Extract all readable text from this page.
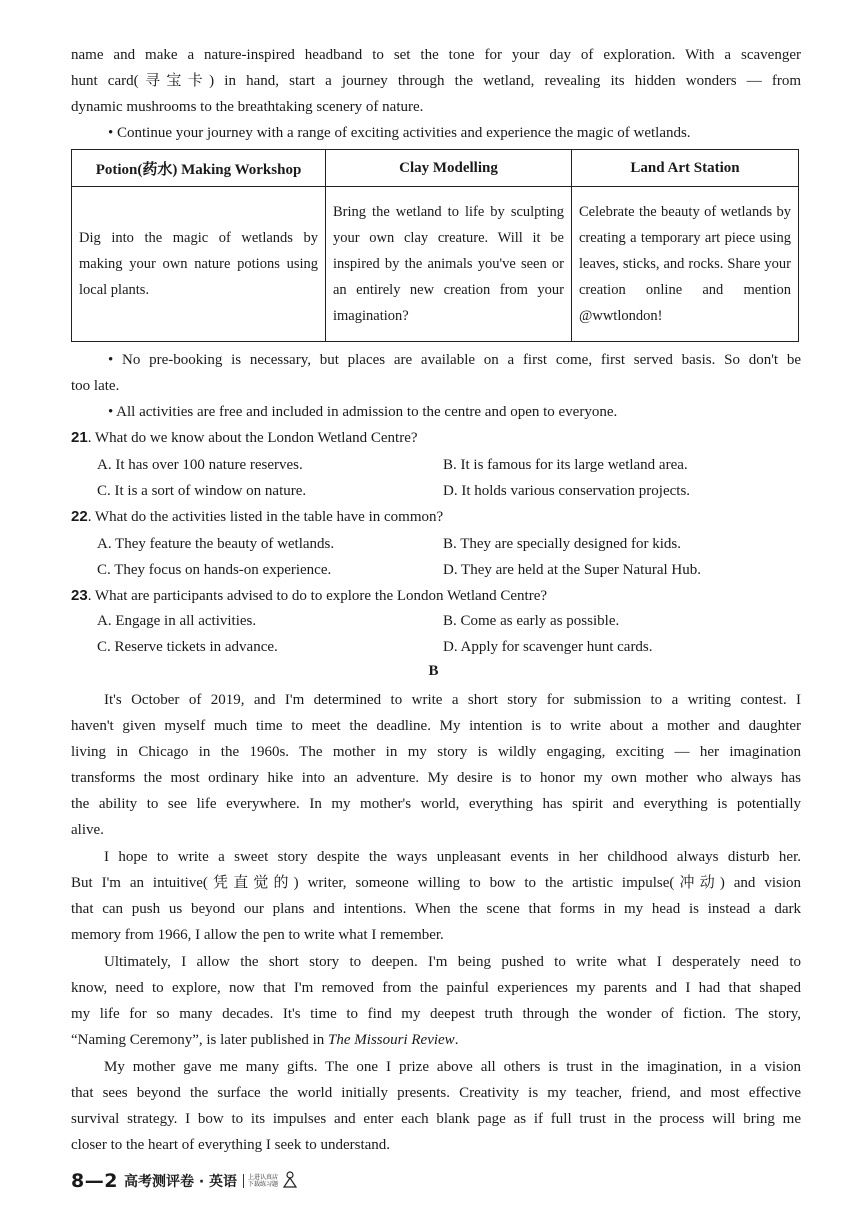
name and make a nature-inspired headband to set the tone for your day of exploration. With a scavenger
hunt card(寻宝卡) in hand, start a journey through the wetland, revealing its hidden wonders — from
dynamic mushrooms to the breathtaking scenery of nature.
• Continue your journey with a range of exciting activities and experience the magic of wetlands.
Potion(药水) Making Workshop	Clay Modelling	Land Art Station
Dig into the magic of wetlands by making your own nature potions using local plants.	Bring the wetland to life by sculpting your own clay creature. Will it be inspired by the animals you've seen or an entirely new creation from your imagination?	Celebrate the beauty of wetlands by creating a temporary art piece using leaves, sticks, and rocks. Share your creation online and mention @wwtlondon!
• No pre-booking is necessary, but places are available on a first come, first served basis. So don't be
too late.
• All activities are free and included in admission to the centre and open to everyone.
21. What do we know about the London Wetland Centre?
A. It has over 100 nature reserves.	B. It is famous for its large wetland area.
C. It is a sort of window on nature.	D. It holds various conservation projects.
22. What do the activities listed in the table have in common?
A. They feature the beauty of wetlands.	B. They are specially designed for kids.
C. They focus on hands-on experience.	D. They are held at the Super Natural Hub.
23. What are participants advised to do to explore the London Wetland Centre?
A. Engage in all activities.	B. Come as early as possible.
C. Reserve tickets in advance.	D. Apply for scavenger hunt cards.
B
It's October of 2019, and I'm determined to write a short story for submission to a writing contest. I
haven't given myself much time to meet the deadline. My intention is to write about a mother and daughter
living in Chicago in the 1960s. The mother in my story is wildly engaging, exciting — her imagination
transforms the most ordinary hike into an adventure. My desire is to honor my own mother who always has
the ability to see life everywhere. In my mother's world, everything has spirit and everything is potentially
alive.
I hope to write a sweet story despite the ways unpleasant events in her childhood always disturb her.
But I'm an intuitive(凭直觉的) writer, someone willing to bow to the artistic impulse(冲动) and vision
that can push us beyond our plans and intentions. When the scene that forms in my head is instead a dark
memory from 1966, I allow the pen to write what I remember.
Ultimately, I allow the short story to deepen. I'm being pushed to write what I desperately need to
know, need to explore, now that I'm removed from the painful experiences my parents and I had that shaped
my life for so many decades. It's time to find my deepest truth through the wonder of fiction. The story,
“Naming Ceremony”, is later published in The Missouri Review.
My mother gave me many gifts. The one I prize above all others is trust in the imagination, in a vision
that sees beyond the surface the world initially presents. Creativity is my teacher, friend, and most effective
survival strategy. I bow to its impulses and enter each blank page as if full trust in the process will bring me
closer to the heart of everything I seek to understand.
8—2 高考测评卷 · 英语	上进认真店
下载练习题
